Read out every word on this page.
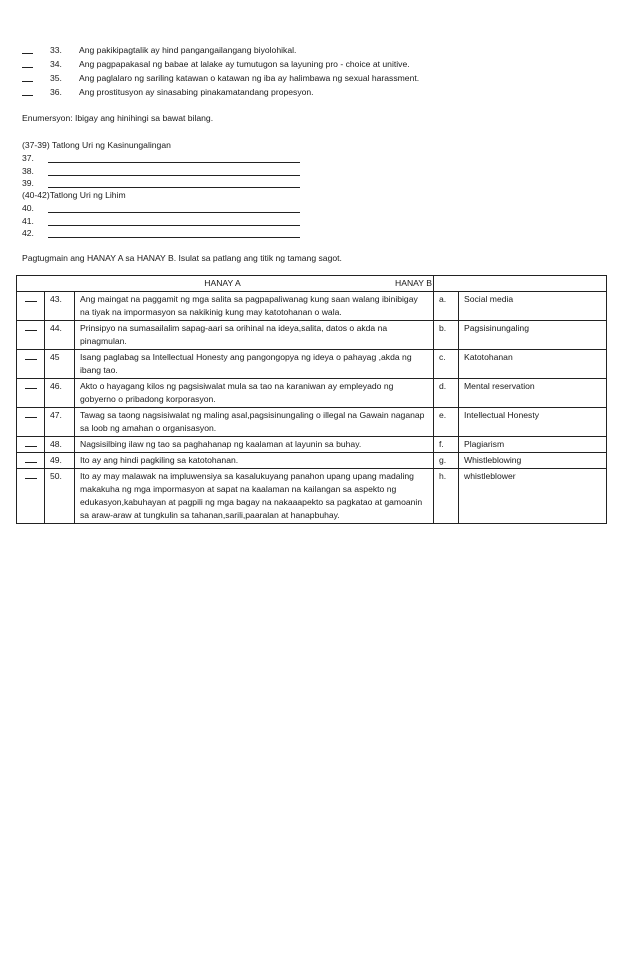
33. Ang pakikipagtalik ay hind pangangailangang biyolohikal.
34. Ang pagpapakasal ng babae at lalake ay tumutugon sa layuning pro - choice at unitive.
35. Ang paglalaro ng sariling katawan o katawan ng iba ay halimbawa ng sexual harassment.
36. Ang prostitusyon ay sinasabing pinakamatandang propesyon.
Enumersyon: Ibigay ang hinihingi sa bawat bilang.
(37-39) Tatlong Uri ng Kasinungalingan
37.
38.
39.
(40-42)Tatlong Uri ng Lihim
40.
41.
42.
Pagtugmain ang HANAY A sa HANAY B. Isulat sa patlang ang titik ng tamang sagot.
HANAY A			HANAY B	

	43.	Ang maingat na paggamit ng mga salita sa pagpapaliwanag kung saan walang ibinibigay na tiyak na impormasyon sa nakikinig kung may katotohanan o wala.	a.	Social media

	44.	Prinsipyo na sumasailalim sapag-aari sa orihinal na ideya,salita, datos o akda na pinagmulan.	b.	Pagsisinungaling

	45	Isang paglabag sa Intellectual Honesty ang pangongopya ng ideya o pahayag ,akda ng ibang tao.	c.	Katotohanan

	46.	Akto o hayagang kilos ng pagsisiwalat mula sa tao na karaniwan ay empleyado ng gobyerno o pribadong korporasyon.	d.	Mental reservation

	47.	Tawag sa taong nagsisiwalat ng maling asal,pagsisinungaling o illegal na Gawain naganap sa loob ng amahan o organisasyon.	e.	Intellectual Honesty

	48.	Nagsisilbing ilaw ng tao sa paghahanap ng kaalaman at layunin sa buhay.	f.	Plagiarism

	49.	Ito ay ang hindi pagkiling sa katotohanan.	g.	Whistleblowing

	50.	Ito ay may malawak na impluwensiya sa kasalukuyang panahon upang upang madaling makakuha ng mga impormasyon at sapat na kaalaman na kailangan sa aspekto ng edukasyon,kabuhayan at pagpili ng mga bagay na nakaaapekto sa pagkatao at gamoanin sa araw-araw at tungkulin sa tahanan,sarili,paaralan at hanapbuhay.	h.	whistleblower
